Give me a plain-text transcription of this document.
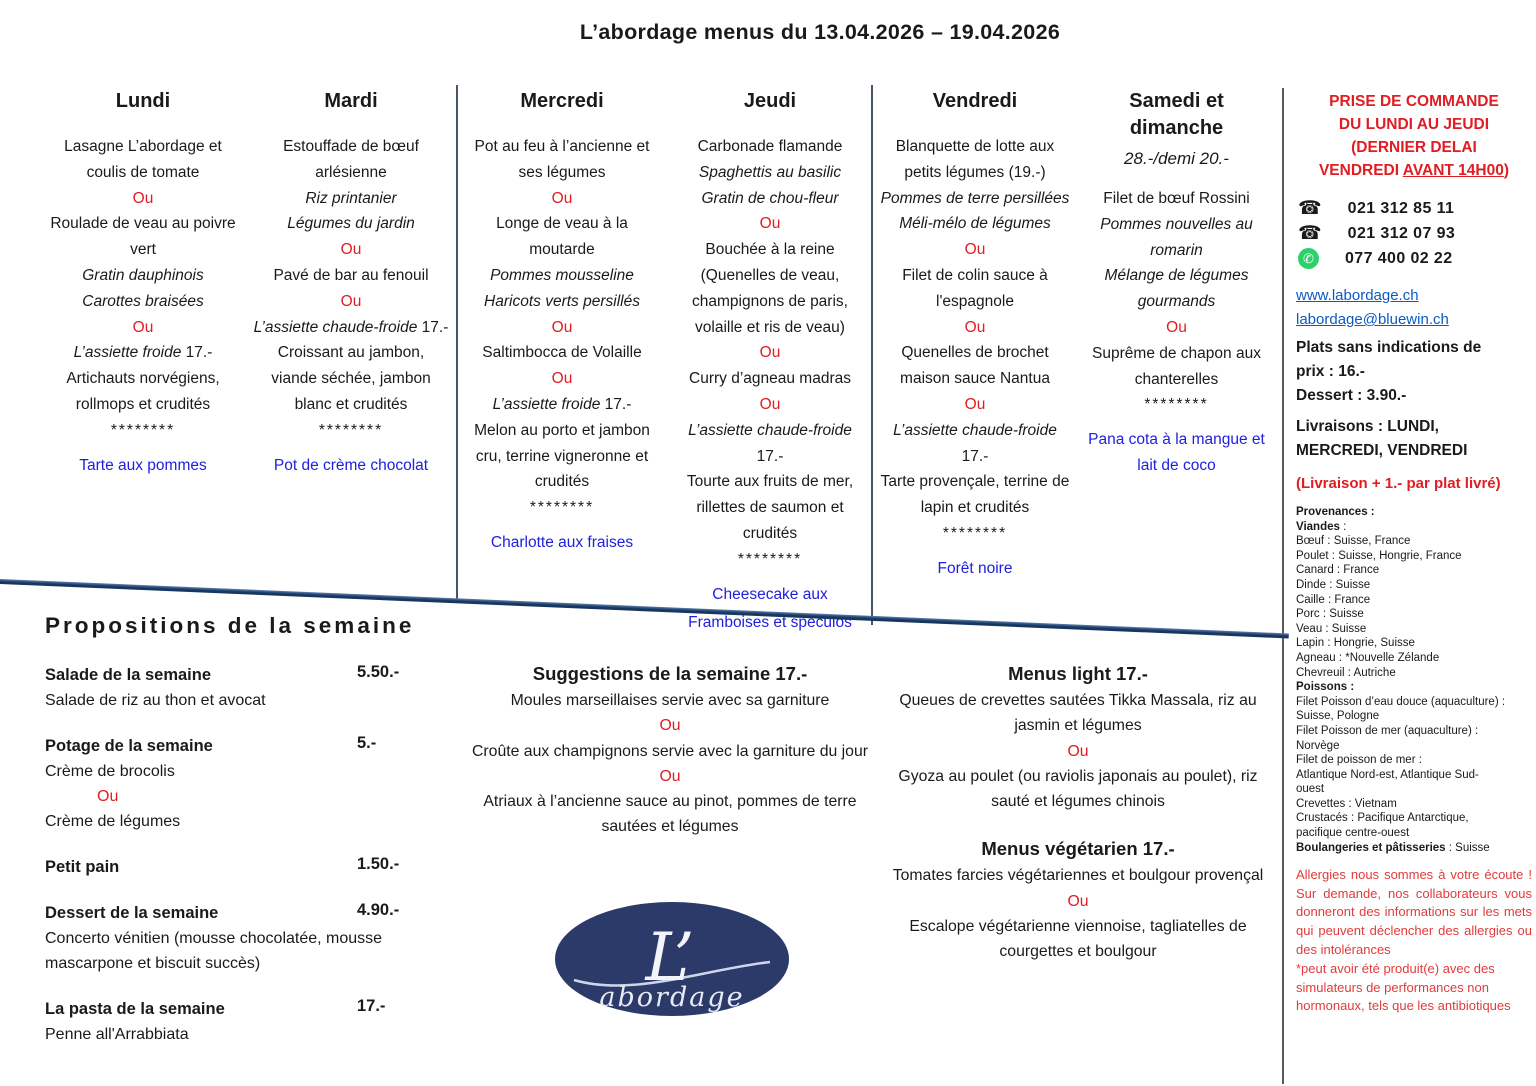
L’abordage menus du 13.04.2026 – 19.04.2026
Lundi
Lasagne L’abordage et coulis de tomate
Ou
Roulade de veau au poivre vert
Gratin dauphinois
Carottes braisées
Ou
L’assiette froide 17.-
Artichauts norvégiens, rollmops et crudités
********
Tarte aux pommes
Mardi
Estouffade de bœuf arlésienne
Riz printanier
Légumes du jardin
Ou
Pavé de bar au fenouil
Ou
L’assiette chaude-froide 17.-
Croissant au jambon, viande séchée, jambon blanc et crudités
********
Pot de crème chocolat
Mercredi
Pot au feu à l’ancienne et ses légumes
Ou
Longe de veau à la moutarde
Pommes mousseline
Haricots verts persillés
Ou
Saltimbocca de Volaille
Ou
L’assiette froide 17.-
Melon au porto et jambon cru, terrine vigneronne et crudités
********
Charlotte aux fraises
Jeudi
Carbonade flamande
Spaghettis au basilic
Gratin de chou-fleur
Ou
Bouchée à la reine (Quenelles de veau, champignons de paris, volaille et ris de veau)
Ou
Curry d’agneau madras
Ou
L’assiette chaude-froide 17.-
Tourte aux fruits de mer, rillettes de saumon et crudités
********
Cheesecake aux
Framboises et spéculos
Vendredi
Blanquette de lotte aux petits légumes (19.-)
Pommes de terre persillées
Méli-mélo de légumes
Ou
Filet de colin sauce à l'espagnole
Ou
Quenelles de brochet maison sauce Nantua
Ou
L’assiette chaude-froide 17.-
Tarte provençale, terrine de lapin et crudités
********
Forêt noire
Samedi et dimanche
28.-/demi 20.-
Filet de bœuf Rossini
Pommes nouvelles au romarin
Mélange de légumes gourmands
Ou
Suprême de chapon aux chanterelles
********
Pana cota à la mangue et lait de coco
Propositions de la semaine
Salade de la semaine	5.50.-
Salade de riz au thon et avocat
Potage de la semaine	5.-
Crème de brocolis
Ou
Crème de légumes
Petit pain	1.50.-
Dessert de la semaine	4.90.-
Concerto vénitien (mousse chocolatée, mousse mascarpone et biscuit succès)
La pasta de la semaine	17.-
Penne all'Arrabbiata
Suggestions de la semaine 17.-
Moules marseillaises servie avec sa garniture
Ou
Croûte aux champignons servie avec la garniture du jour
Ou
Atriaux à l’ancienne sauce au pinot, pommes de terre sautées et légumes
Menus light 17.-
Queues de crevettes sautées Tikka Massala, riz au jasmin et légumes
Ou
Gyoza au poulet (ou raviolis japonais au poulet), riz sauté et légumes chinois
Menus végétarien 17.-
Tomates farcies végétariennes et boulgour provençal
Ou
Escalope végétarienne viennoise, tagliatelles de courgettes et boulgour
L’
abordage
PRISE DE COMMANDE
DU LUNDI AU JEUDI
(DERNIER DELAI
VENDREDI AVANT 14H00)
☎ 021 312 85 11
☎ 021 312 07 93
✆	077 400 02 22
www.labordage.ch
labordage@bluewin.ch
Plats sans indications de
prix : 16.-
Dessert : 3.90.-
Livraisons : LUNDI,
MERCREDI, VENDREDI
(Livraison + 1.- par plat livré)
Provenances :
Viandes :
Bœuf : Suisse, France
Poulet : Suisse, Hongrie, France
Canard : France
Dinde : Suisse
Caille : France
Porc : Suisse
Veau : Suisse
Lapin : Hongrie, Suisse
Agneau : *Nouvelle Zélande
Chevreuil : Autriche
Poissons :
Filet Poisson d’eau douce (aquaculture) :
Suisse, Pologne
Filet Poisson de mer (aquaculture) :
Norvège
Filet de poisson de mer :
Atlantique Nord-est, Atlantique Sud-
ouest
Crevettes : Vietnam
Crustacés : Pacifique Antarctique,
pacifique centre-ouest
Boulangeries et pâtisseries : Suisse

Allergies nous sommes à votre écoute ! Sur demande, nos collaborateurs vous donneront des informations sur les mets qui peuvent déclencher des allergies ou des intolérances

*peut avoir été produit(e) avec des simulateurs de performances non hormonaux, tels que les antibiotiques
